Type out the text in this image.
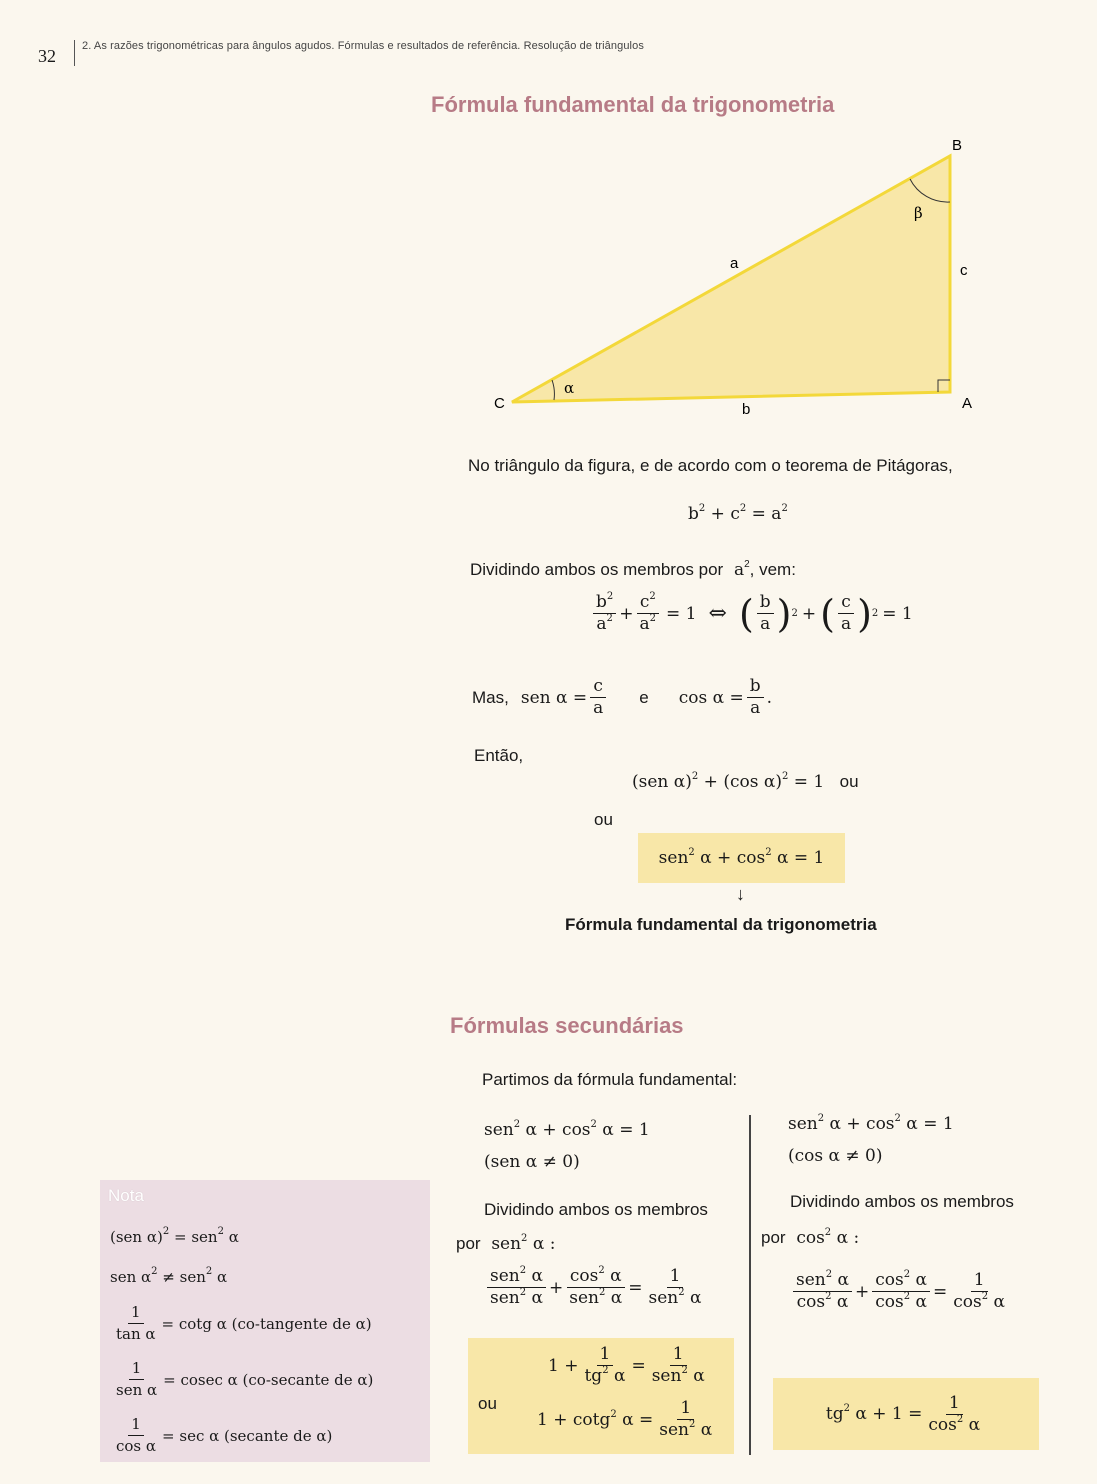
32 2. As razões trigonométricas para ângulos agudos. Fórmulas e resultados de referência. Resolução de triângulos
Fórmula fundamental da trigonometria
B
C	A
a
b
c
α
β
No triângulo da figura, e de acordo com o teorema de Pitágoras,
$b^2 + c^2 = a^2$
Dividindo ambos os membros por $a^2$, vem:
$\frac{b^2}{a^2} + \frac{c^2}{a^2} = 1$ ⇔ ( $\frac{b}{a}$ ) 2 + ( $\frac{c}{a}$ ) 2 = 1
Mas, sen $\alpha = \frac{c}{a}$ e $\cos \alpha = \frac{b}{a}$ .
Então,
(sen α)$^2$ + (cos α)$^2$ = 1 ou
ou
sen$^2$ $\alpha + \cos^2 \alpha = 1$
↓
Fórmula fundamental da trigonometria
Fórmulas secundárias
Partimos da fórmula fundamental:
sen$^2$ $\alpha + \cos^2 \alpha = 1$
(sen α ≠ 0)
Dividindo ambos os membros
por sen$^2$ α :
$\frac{sen^2 \alpha}{sen^2 \alpha} + \frac{\cos^2 \alpha}{sen^2 \alpha} = \frac{1}{sen^2 \alpha}$
ou
$1 + \frac{1}{tg^2 \alpha} = \frac{1}{sen^2 \alpha}$
1 + cotg$^2$ $\alpha = \frac{1}{sen^2 \alpha}$
sen$^2$ $\alpha + \cos^2 \alpha = 1$
(cos α ≠ 0)
Dividindo ambos os membros
por $\cos^2 \alpha$ :
$\frac{sen^2 \alpha}{\cos^2 \alpha} + \frac{\cos^2 \alpha}{\cos^2 \alpha} = \frac{1}{\cos^2 \alpha}$
$tg^2$ $\alpha + 1 = \frac{1}{\cos^2 \alpha}$
Nota
(sen α)$^2$ = sen$^2$ α
sen $\alpha^2 \ne sen^2$ α
$\frac{1}{\text{tan α}} = \cot g$ α (co-tangente de α)
$\frac{1}{\text{sen α}} = cosec$ α (co-secante de α)
$\frac{1}{\text{cos α}} = \sec \alpha$ (secante de α)
